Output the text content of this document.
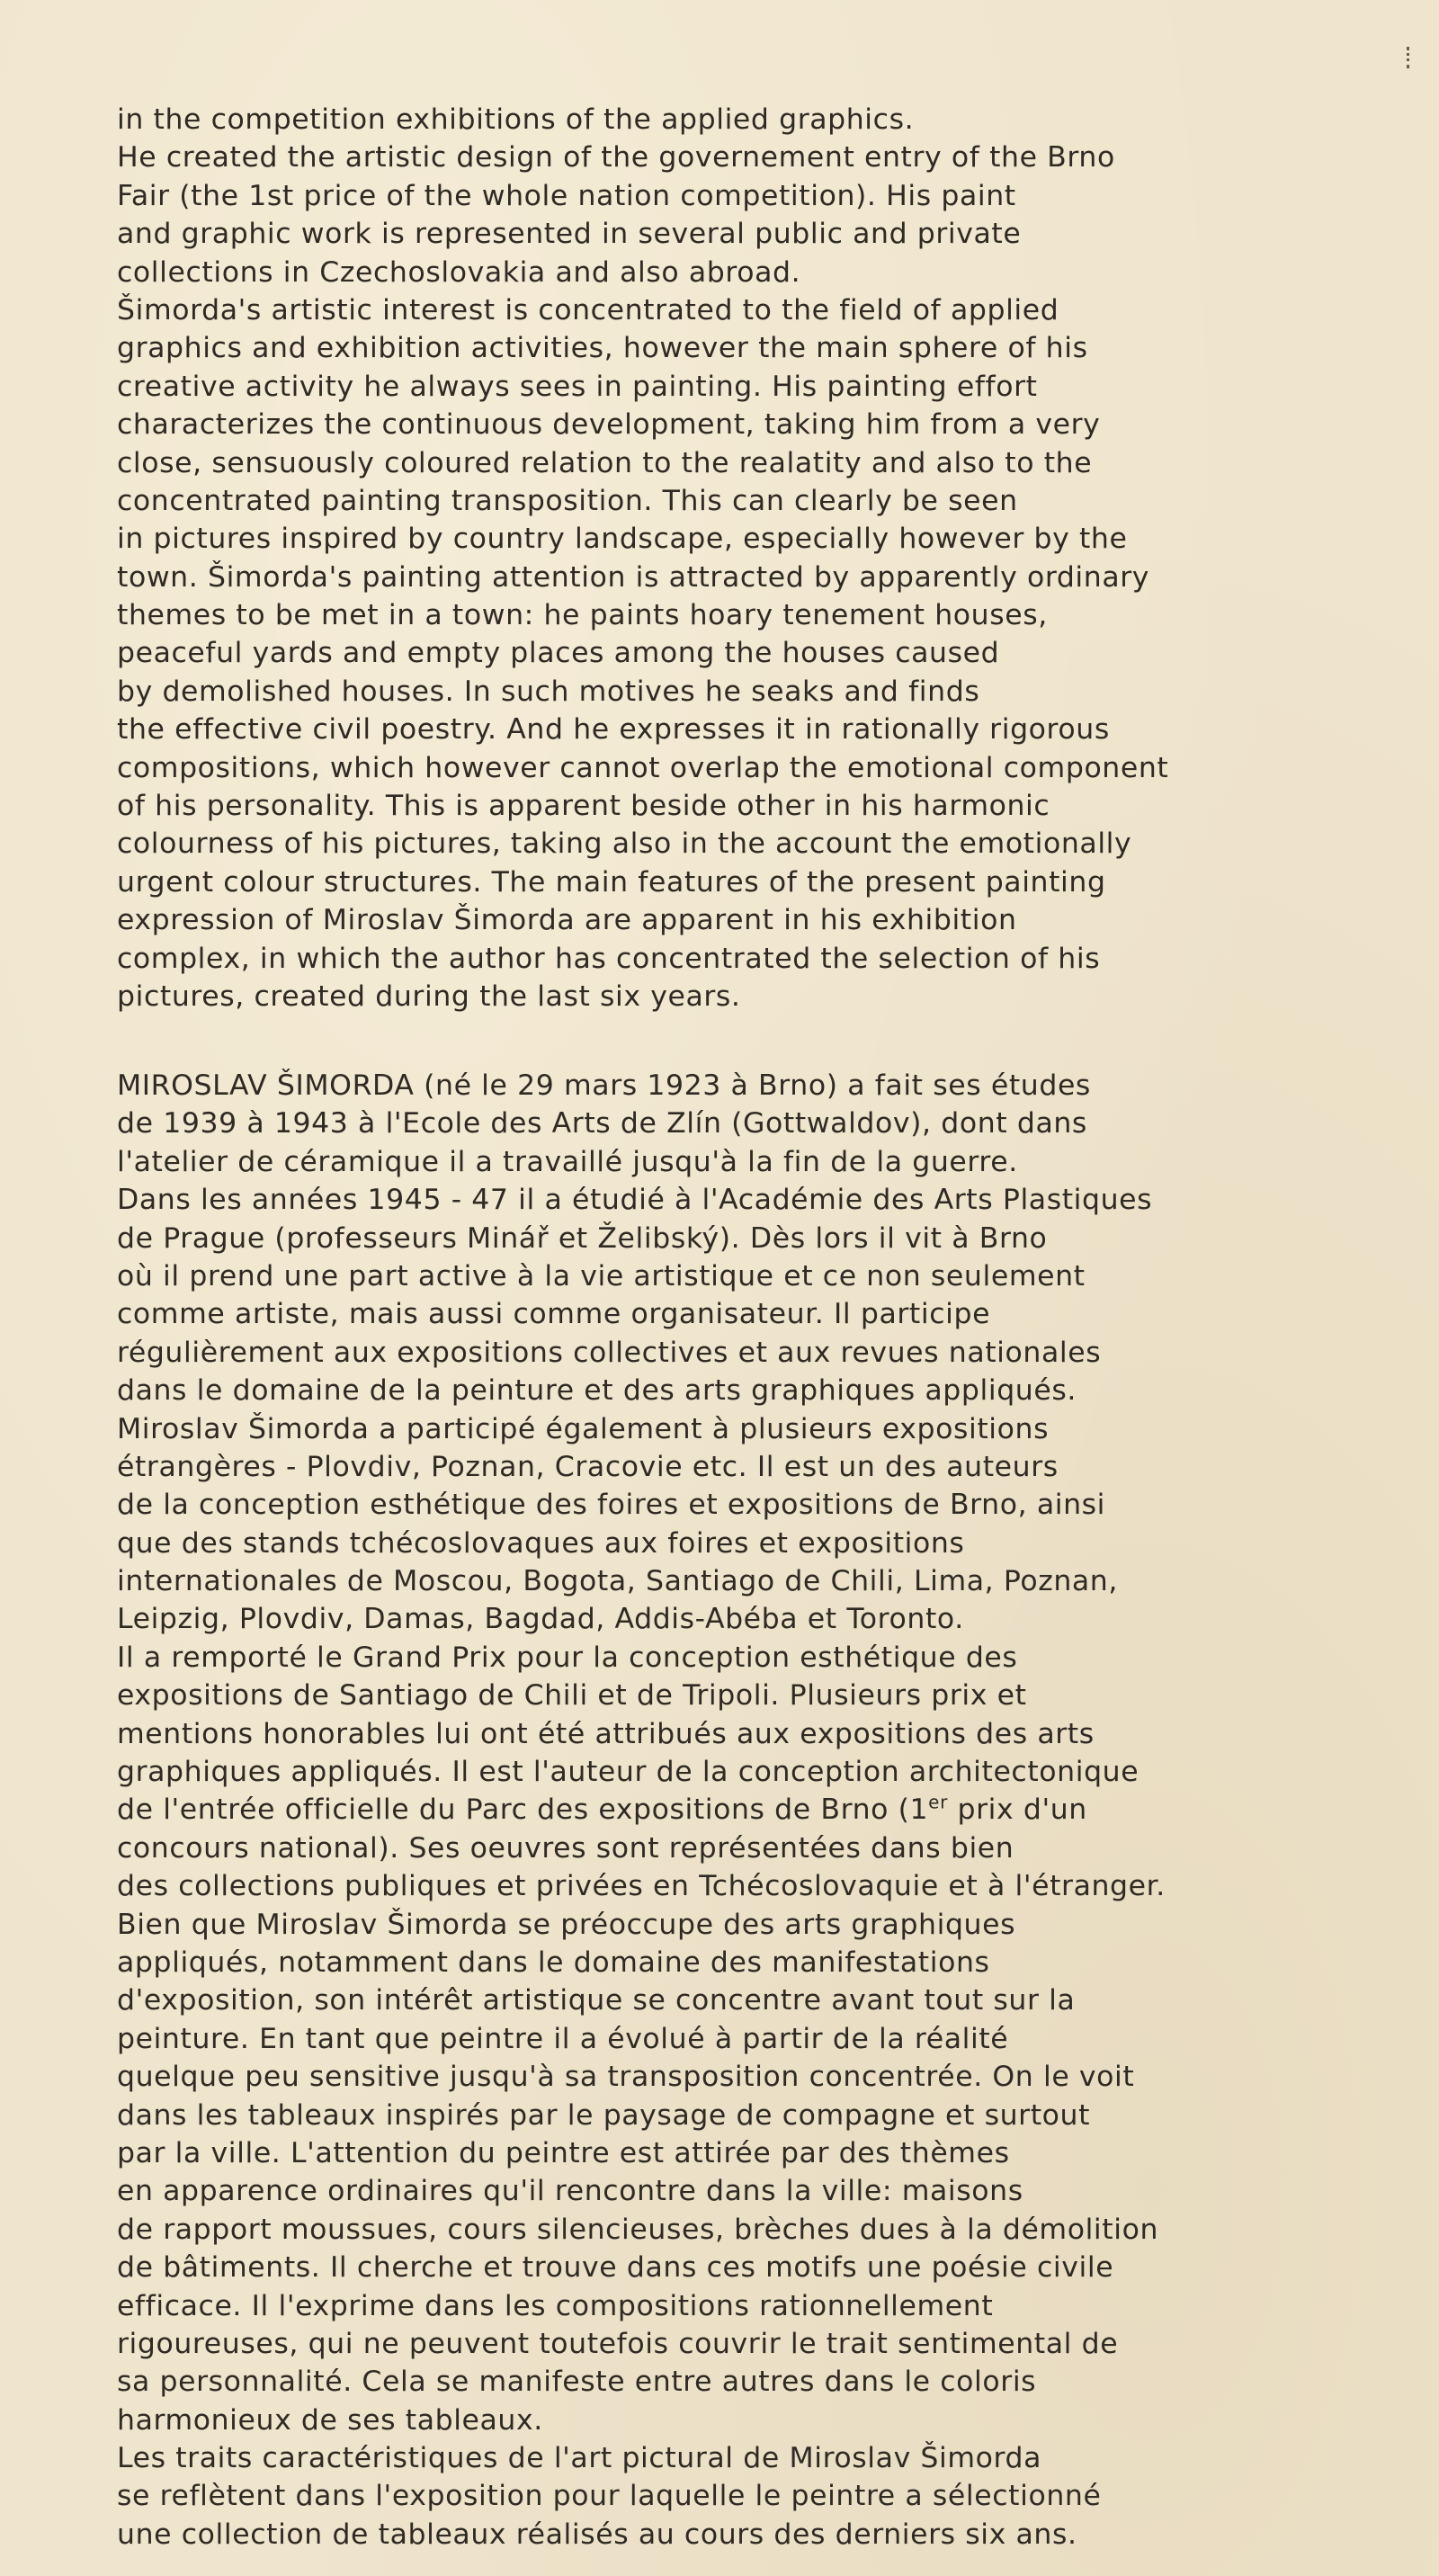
in the competition exhibitions of the applied graphics.
He created the artistic design of the governement entry of the Brno
Fair (the 1st price of the whole nation competition). His paint
and graphic work is represented in several public and private
collections in Czechoslovakia and also abroad.
Šimorda's artistic interest is concentrated to the field of applied
graphics and exhibition activities, however the main sphere of his
creative activity he always sees in painting. His painting effort
characterizes the continuous development, taking him from a very
close, sensuously coloured relation to the realatity and also to the
concentrated painting transposition. This can clearly be seen
in pictures inspired by country landscape, especially however by the
town. Šimorda's painting attention is attracted by apparently ordinary
themes to be met in a town: he paints hoary tenement houses,
peaceful yards and empty places among the houses caused
by demolished houses. In such motives he seaks and finds
the effective civil poestry. And he expresses it in rationally rigorous
compositions, which however cannot overlap the emotional component
of his personality. This is apparent beside other in his harmonic
colourness of his pictures, taking also in the account the emotionally
urgent colour structures. The main features of the present painting
expression of Miroslav Šimorda are apparent in his exhibition
complex, in which the author has concentrated the selection of his
pictures, created during the last six years.
MIROSLAV ŠIMORDA (né le 29 mars 1923 à Brno) a fait ses études
de 1939 à 1943 à l'Ecole des Arts de Zlín (Gottwaldov), dont dans
l'atelier de céramique il a travaillé jusqu'à la fin de la guerre.
Dans les années 1945 - 47 il a étudié à l'Académie des Arts Plastiques
de Prague (professeurs Minář et Želibský). Dès lors il vit à Brno
où il prend une part active à la vie artistique et ce non seulement
comme artiste, mais aussi comme organisateur. Il participe
régulièrement aux expositions collectives et aux revues nationales
dans le domaine de la peinture et des arts graphiques appliqués.
Miroslav Šimorda a participé également à plusieurs expositions
étrangères - Plovdiv, Poznan, Cracovie etc. Il est un des auteurs
de la conception esthétique des foires et expositions de Brno, ainsi
que des stands tchécoslovaques aux foires et expositions
internationales de Moscou, Bogota, Santiago de Chili, Lima, Poznan,
Leipzig, Plovdiv, Damas, Bagdad, Addis-Abéba et Toronto.
Il a remporté le Grand Prix pour la conception esthétique des
expositions de Santiago de Chili et de Tripoli. Plusieurs prix et
mentions honorables lui ont été attribués aux expositions des arts
graphiques appliqués. Il est l'auteur de la conception architectonique
de l'entrée officielle du Parc des expositions de Brno (1er prix d'un
concours national). Ses oeuvres sont représentées dans bien
des collections publiques et privées en Tchécoslovaquie et à l'étranger.
Bien que Miroslav Šimorda se préoccupe des arts graphiques
appliqués, notamment dans le domaine des manifestations
d'exposition, son intérêt artistique se concentre avant tout sur la
peinture. En tant que peintre il a évolué à partir de la réalité
quelque peu sensitive jusqu'à sa transposition concentrée. On le voit
dans les tableaux inspirés par le paysage de compagne et surtout
par la ville. L'attention du peintre est attirée par des thèmes
en apparence ordinaires qu'il rencontre dans la ville: maisons
de rapport moussues, cours silencieuses, brèches dues à la démolition
de bâtiments. Il cherche et trouve dans ces motifs une poésie civile
efficace. Il l'exprime dans les compositions rationnellement
rigoureuses, qui ne peuvent toutefois couvrir le trait sentimental de
sa personnalité. Cela se manifeste entre autres dans le coloris
harmonieux de ses tableaux.
Les traits caractéristiques de l'art pictural de Miroslav Šimorda
se reflètent dans l'exposition pour laquelle le peintre a sélectionné
une collection de tableaux réalisés au cours des derniers six ans.
